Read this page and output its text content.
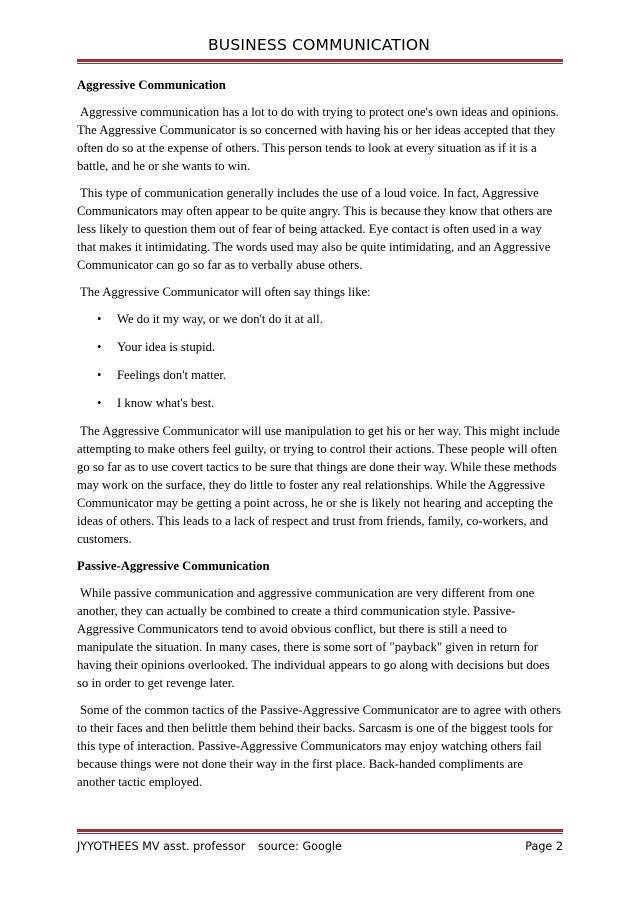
BUSINESS COMMUNICATION
Aggressive Communication

Aggressive communication has a lot to do with trying to protect one's own ideas and opinions. The Aggressive Communicator is so concerned with having his or her ideas accepted that they often do so at the expense of others. This person tends to look at every situation as if it is a battle, and he or she wants to win.

This type of communication generally includes the use of a loud voice. In fact, Aggressive Communicators may often appear to be quite angry. This is because they know that others are less likely to question them out of fear of being attacked. Eye contact is often used in a way that makes it intimidating. The words used may also be quite intimidating, and an Aggressive Communicator can go so far as to verbally abuse others.

The Aggressive Communicator will often say things like:

• We do it my way, or we don't do it at all.
• Your idea is stupid.
• Feelings don't matter.
• I know what's best.

The Aggressive Communicator will use manipulation to get his or her way. This might include attempting to make others feel guilty, or trying to control their actions. These people will often go so far as to use covert tactics to be sure that things are done their way. While these methods may work on the surface, they do little to foster any real relationships. While the Aggressive Communicator may be getting a point across, he or she is likely not hearing and accepting the ideas of others. This leads to a lack of respect and trust from friends, family, co-workers, and customers.

Passive-Aggressive Communication

While passive communication and aggressive communication are very different from one another, they can actually be combined to create a third communication style. Passive-Aggressive Communicators tend to avoid obvious conflict, but there is still a need to manipulate the situation. In many cases, there is some sort of "payback" given in return for having their opinions overlooked. The individual appears to go along with decisions but does so in order to get revenge later.

Some of the common tactics of the Passive-Aggressive Communicator are to agree with others to their faces and then belittle them behind their backs. Sarcasm is one of the biggest tools for this type of interaction. Passive-Aggressive Communicators may enjoy watching others fail because things were not done their way in the first place. Back-handed compliments are another tactic employed.

JYYOTHEES MV asst. professor source: Google	Page 2
